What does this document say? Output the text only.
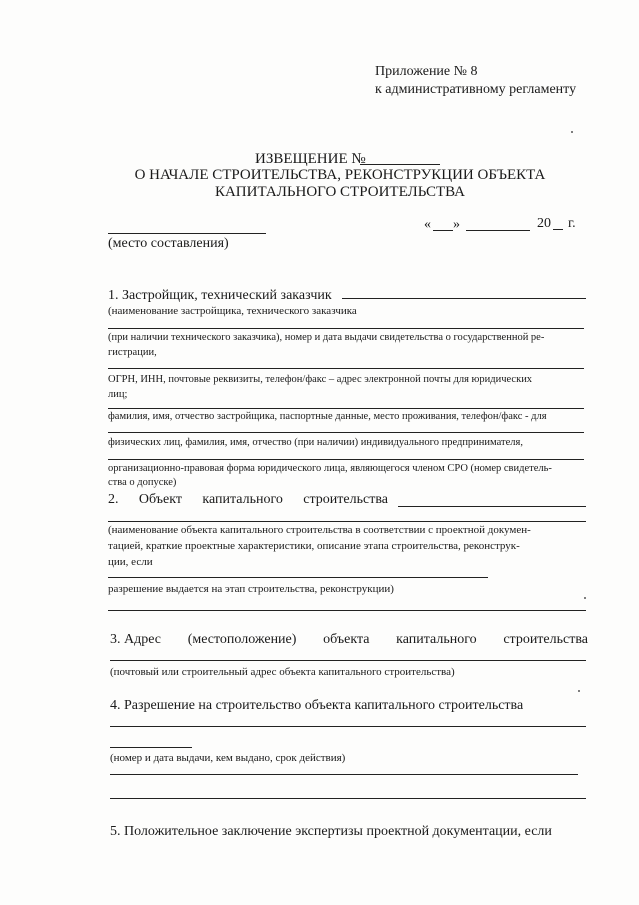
Приложение № 8
к административному регламенту
ИЗВЕЩЕНИЕ №
О НАЧАЛЕ СТРОИТЕЛЬСТВА, РЕКОНСТРУКЦИИ ОБЪЕКТА
КАПИТАЛЬНОГО СТРОИТЕЛЬСТВА
« »	20 г.
(место составления)
1. Застройщик, технический заказчик
(наименование застройщика, технического заказчика
(при наличии технического заказчика), номер и дата выдачи свидетельства о государственной ре-
гистрации,
ОГРН, ИНН, почтовые реквизиты, телефон/факс – адрес электронной почты для юридических
лиц;
фамилия, имя, отчество застройщика, паспортные данные, место проживания, телефон/факс - для
физических лиц, фамилия, имя, отчество (при наличии) индивидуального предпринимателя,
организационно-правовая форма юридического лица, являющегося членом СРО (номер свидетель-
ства о допуске)
2. Объект капитального строительства
(наименование объекта капитального строительства в соответствии с проектной докумен-
тацией, краткие проектные характеристики, описание этапа строительства, реконструк-
ции, если
разрешение выдается на этап строительства, реконструкции)
3. Адрес (местоположение) объекта капитального строительства
(почтовый или строительный адрес объекта капитального строительства)
4. Разрешение на строительство объекта капитального строительства
(номер и дата выдачи, кем выдано, срок действия)
5. Положительное заключение экспертизы проектной документации, если
